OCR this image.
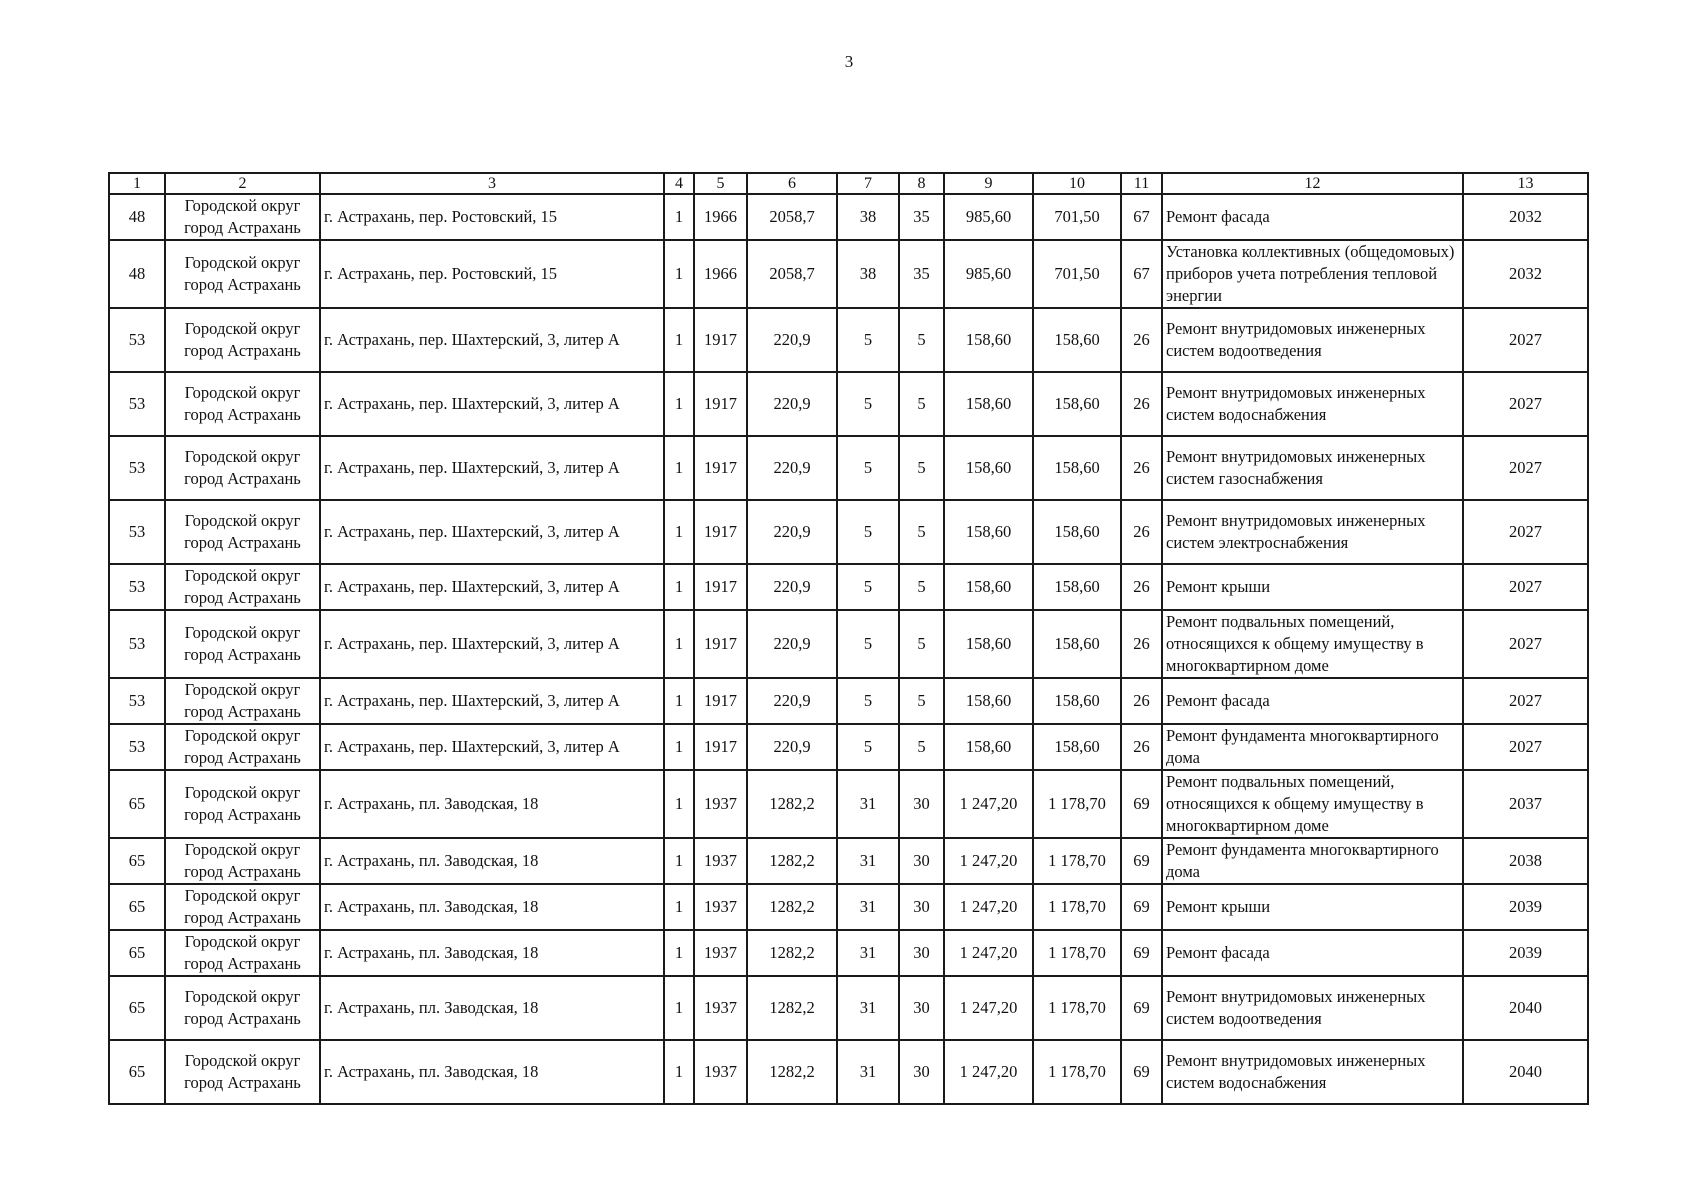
3
1	2	3	4	5	6	7	8	9	10	11	12	13
48	Городской округ город Астрахань	г. Астрахань, пер. Ростовский, 15	1	1966	2058,7	38	35	985,60	701,50	67	Ремонт фасада	2032
48	Городской округ город Астрахань	г. Астрахань, пер. Ростовский, 15	1	1966	2058,7	38	35	985,60	701,50	67	Установка коллективных (общедомовых) приборов учета потребления тепловой энергии	2032
53	Городской округ город Астрахань	г. Астрахань, пер. Шахтерский, 3, литер А	1	1917	220,9	5	5	158,60	158,60	26	Ремонт внутридомовых инженерных систем водоотведения	2027
53	Городской округ город Астрахань	г. Астрахань, пер. Шахтерский, 3, литер А	1	1917	220,9	5	5	158,60	158,60	26	Ремонт внутридомовых инженерных систем водоснабжения	2027
53	Городской округ город Астрахань	г. Астрахань, пер. Шахтерский, 3, литер А	1	1917	220,9	5	5	158,60	158,60	26	Ремонт внутридомовых инженерных систем газоснабжения	2027
53	Городской округ город Астрахань	г. Астрахань, пер. Шахтерский, 3, литер А	1	1917	220,9	5	5	158,60	158,60	26	Ремонт внутридомовых инженерных систем электроснабжения	2027
53	Городской округ город Астрахань	г. Астрахань, пер. Шахтерский, 3, литер А	1	1917	220,9	5	5	158,60	158,60	26	Ремонт крыши	2027
53	Городской округ город Астрахань	г. Астрахань, пер. Шахтерский, 3, литер А	1	1917	220,9	5	5	158,60	158,60	26	Ремонт подвальных помещений, относящихся к общему имуществу в многоквартирном доме	2027
53	Городской округ город Астрахань	г. Астрахань, пер. Шахтерский, 3, литер А	1	1917	220,9	5	5	158,60	158,60	26	Ремонт фасада	2027
53	Городской округ город Астрахань	г. Астрахань, пер. Шахтерский, 3, литер А	1	1917	220,9	5	5	158,60	158,60	26	Ремонт фундамента многоквартирного дома	2027
65	Городской округ город Астрахань	г. Астрахань, пл. Заводская, 18	1	1937	1282,2	31	30	1 247,20	1 178,70	69	Ремонт подвальных помещений, относящихся к общему имуществу в многоквартирном доме	2037
65	Городской округ город Астрахань	г. Астрахань, пл. Заводская, 18	1	1937	1282,2	31	30	1 247,20	1 178,70	69	Ремонт фундамента многоквартирного дома	2038
65	Городской округ город Астрахань	г. Астрахань, пл. Заводская, 18	1	1937	1282,2	31	30	1 247,20	1 178,70	69	Ремонт крыши	2039
65	Городской округ город Астрахань	г. Астрахань, пл. Заводская, 18	1	1937	1282,2	31	30	1 247,20	1 178,70	69	Ремонт фасада	2039
65	Городской округ город Астрахань	г. Астрахань, пл. Заводская, 18	1	1937	1282,2	31	30	1 247,20	1 178,70	69	Ремонт внутридомовых инженерных систем водоотведения	2040
65	Городской округ город Астрахань	г. Астрахань, пл. Заводская, 18	1	1937	1282,2	31	30	1 247,20	1 178,70	69	Ремонт внутридомовых инженерных систем водоснабжения	2040
